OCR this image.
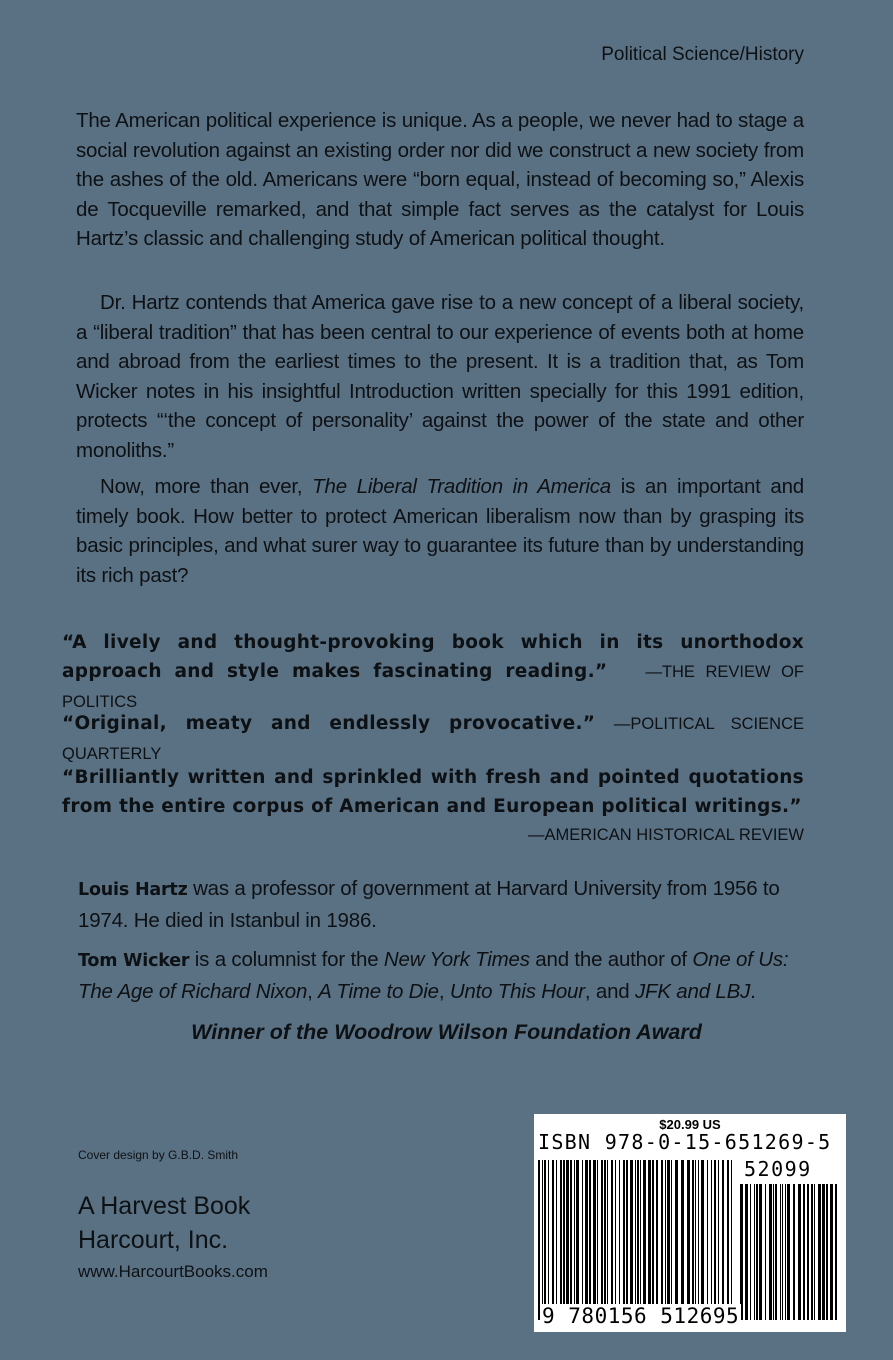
Political Science/History

The American political experience is unique. As a people, we never had to stage a social revolution against an existing order nor did we construct a new society from the ashes of the old. Americans were “born equal, instead of becoming so,” Alexis de Tocqueville remarked, and that simple fact serves as the catalyst for Louis Hartz’s classic and challenging study of American political thought.

Dr. Hartz contends that America gave rise to a new concept of a liberal society, a “liberal tradition” that has been central to our experience of events both at home and abroad from the earliest times to the present. It is a tradition that, as Tom Wicker notes in his insightful Introduction written specially for this 1991 edition, protects “‘the concept of personality’ against the power of the state and other monoliths.”

Now, more than ever, The Liberal Tradition in America is an important and timely book. How better to protect American liberalism now than by grasping its basic principles, and what surer way to guarantee its future than by understanding its rich past?

“A lively and thought-provoking book which in its unorthodox approach and style makes fascinating reading.” —THE REVIEW OF POLITICS
“Original, meaty and endlessly provocative.” —POLITICAL SCIENCE QUARTERLY
“Brilliantly written and sprinkled with fresh and pointed quotations from the entire corpus of American and European political writings.”
—AMERICAN HISTORICAL REVIEW
Louis Hartz was a professor of government at Harvard University from 1956 to 1974. He died in Istanbul in 1986.
Tom Wicker is a columnist for the New York Times and the author of One of Us: The Age of Richard Nixon, A Time to Die, Unto This Hour, and JFK and LBJ.
Winner of the Woodrow Wilson Foundation Award
Cover design by G.B.D. Smith
A Harvest Book
Harcourt, Inc.
www.HarcourtBooks.com
$20.99 US
ISBN 978-0-15-651269-5
52099
9 780156 512695
